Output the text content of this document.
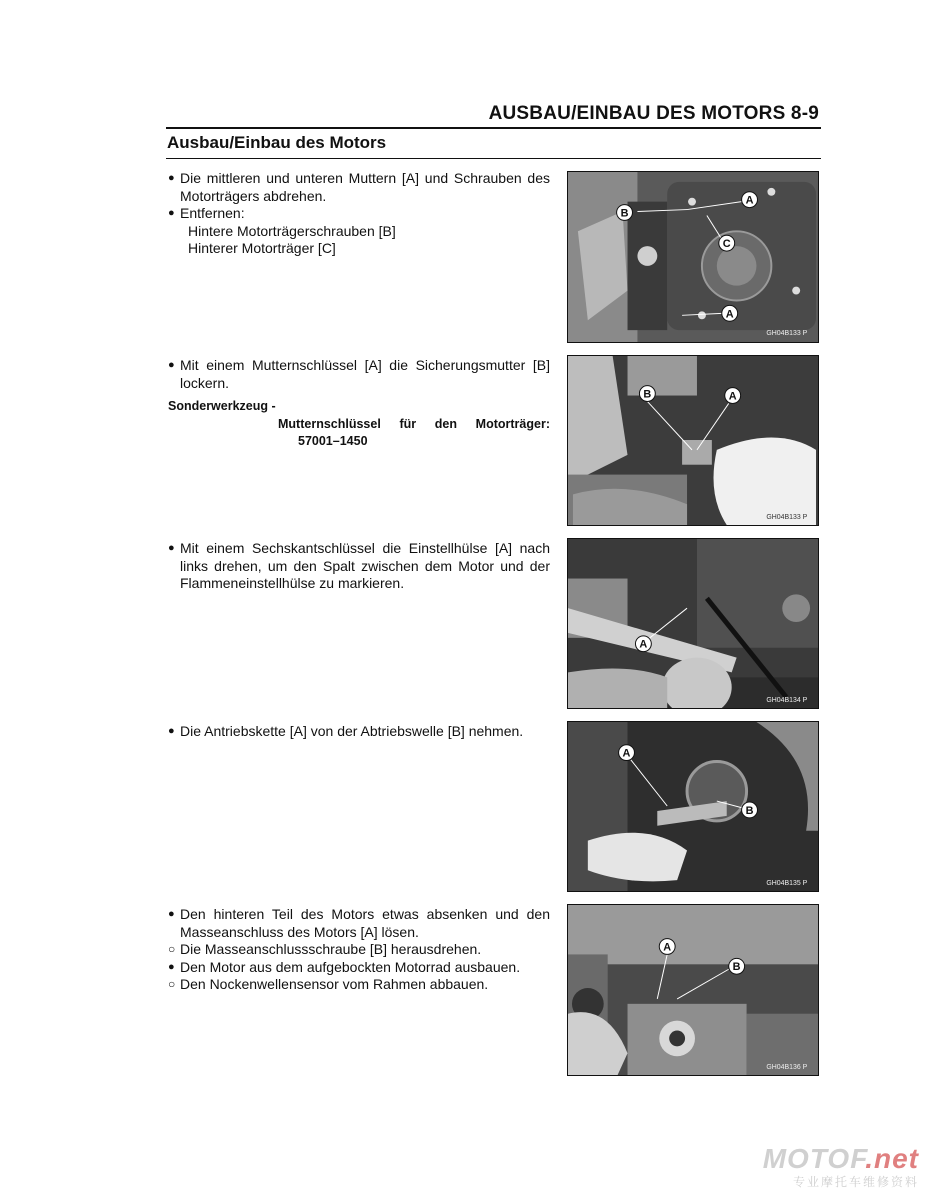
AUSBAU/EINBAU DES MOTORS 8-9
Ausbau/Einbau des Motors
● Die mittleren und unteren Muttern [A] und Schrauben des Motorträgers abdrehen.
● Entfernen:
Hintere Motorträgerschrauben [B]
Hinterer Motorträger [C]
A
B
C
A
GH04B133 P
● Mit einem Mutternschlüssel [A] die Sicherungsmutter [B] lockern.
Sonderwerkzeug -
Mutternschlüssel für den Motorträger:
57001–1450
B	A
GH04B133 P
● Mit einem Sechskantschlüssel die Einstellhülse [A] nach links drehen, um den Spalt zwischen dem Motor und der Flammeneinstellhülse zu markieren.
A
GH04B134 P
● Die Antriebskette [A] von der Abtriebswelle [B] nehmen.
A
B
GH04B135 P
● Den hinteren Teil des Motors etwas absenken und den Masseanschluss des Motors [A] lösen.
○ Die Masseanschlussschraube [B] herausdrehen.
● Den Motor aus dem aufgebockten Motorrad ausbauen.
○ Den Nockenwellensensor vom Rahmen abbauen.
A
B
GH04B136 P
MOTOF.net
专业摩托车维修资料
